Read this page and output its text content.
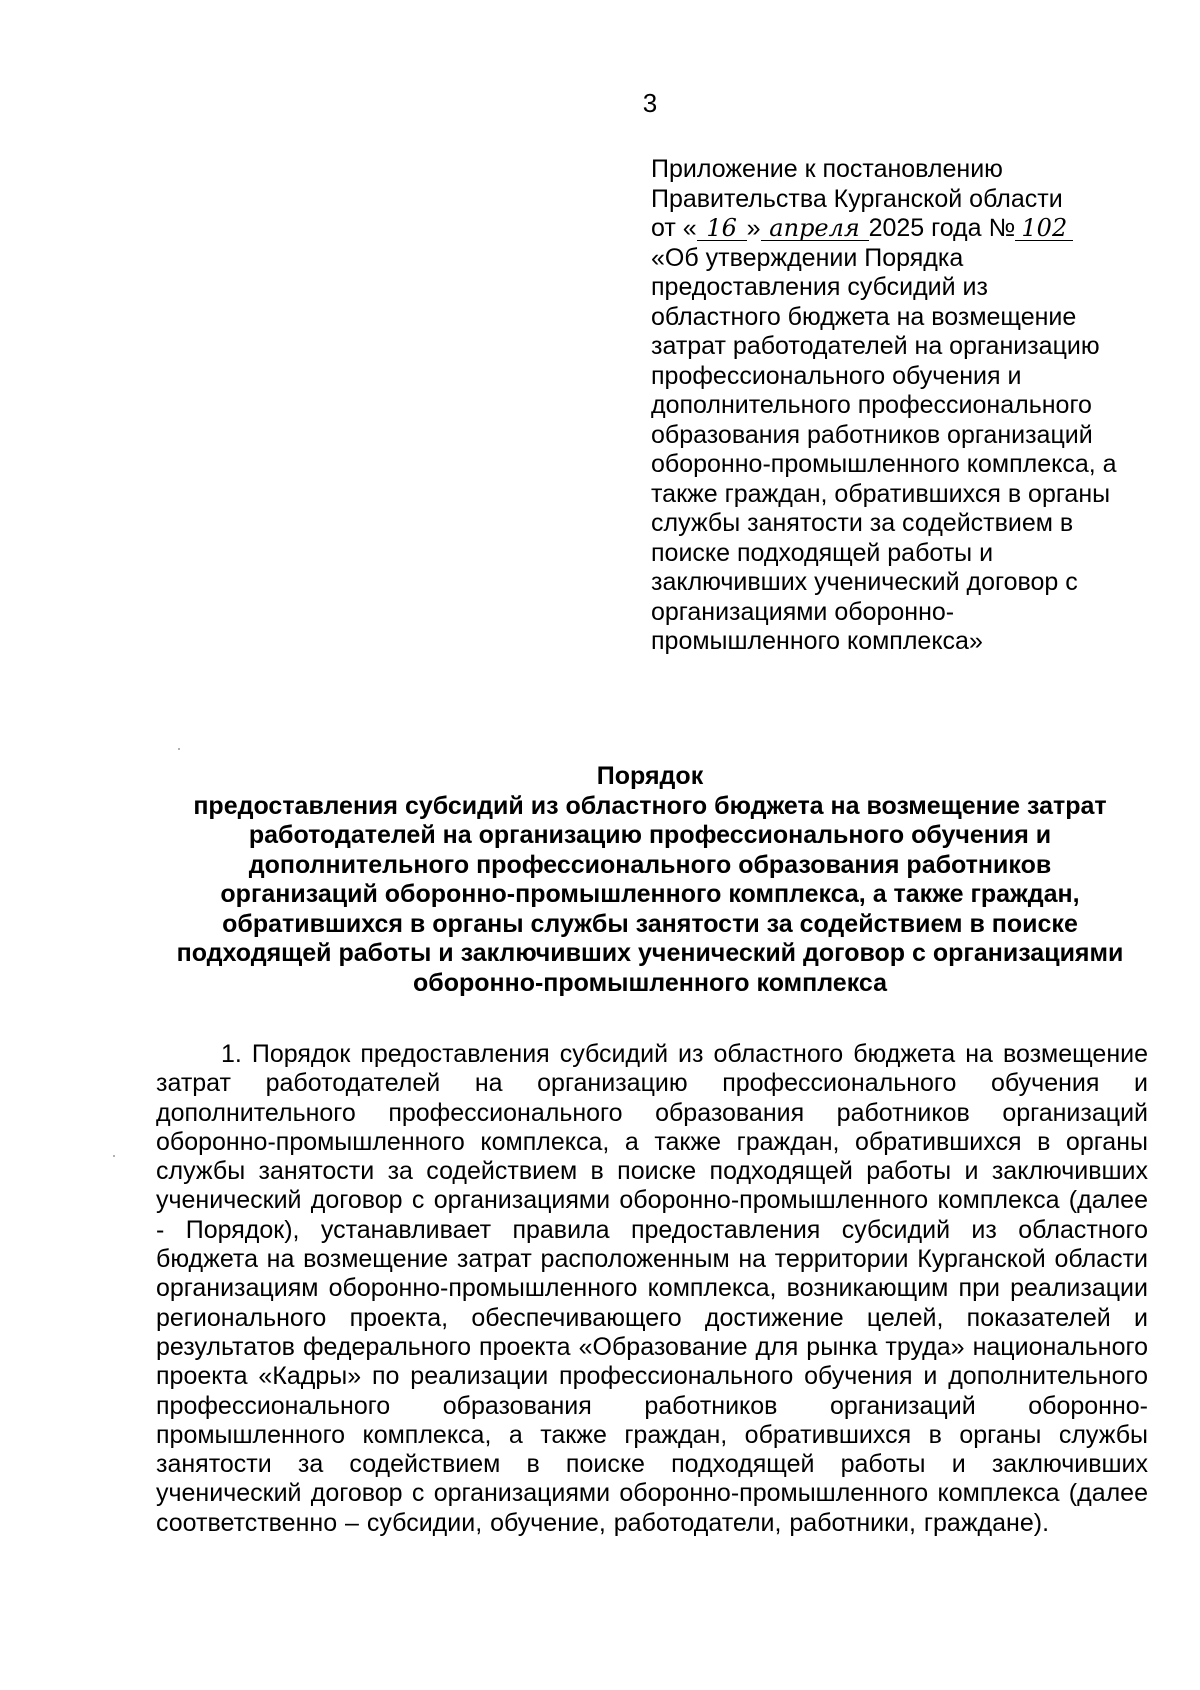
3
Приложение к постановлению
Правительства Курганской области
от « 16 » апреля 2025 года № 102
«Об утверждении Порядка
предоставления субсидий из
областного бюджета на возмещение
затрат работодателей на организацию
профессионального обучения и
дополнительного профессионального
образования работников организаций
оборонно-промышленного комплекса, а
также граждан, обратившихся в органы
службы занятости за содействием в
поиске подходящей работы и
заключивших ученический договор с
организациями оборонно-
промышленного комплекса»
Порядок
предоставления субсидий из областного бюджета на возмещение затрат
работодателей на организацию профессионального обучения и
дополнительного профессионального образования работников
организаций оборонно-промышленного комплекса, а также граждан,
обратившихся в органы службы занятости за содействием в поиске
подходящей работы и заключивших ученический договор с организациями
оборонно-промышленного комплекса
1. Порядок предоставления субсидий из областного бюджета на возмещение затрат работодателей на организацию профессионального обучения и дополнительного профессионального образования работников организаций оборонно-промышленного комплекса, а также граждан, обратившихся в органы службы занятости за содействием в поиске подходящей работы и заключивших ученический договор с организациями оборонно-промышленного комплекса (далее - Порядок), устанавливает правила предоставления субсидий из областного бюджета на возмещение затрат расположенным на территории Курганской области организациям оборонно-промышленного комплекса, возникающим при реализации регионального проекта, обеспечивающего достижение целей, показателей и результатов федерального проекта «Образование для рынка труда» национального проекта «Кадры» по реализации профессионального обучения и дополнительного профессионального образования работников организаций оборонно-промышленного комплекса, а также граждан, обратившихся в органы службы занятости за содействием в поиске подходящей работы и заключивших ученический договор с организациями оборонно-промышленного комплекса (далее соответственно – субсидии, обучение, работодатели, работники, граждане).
